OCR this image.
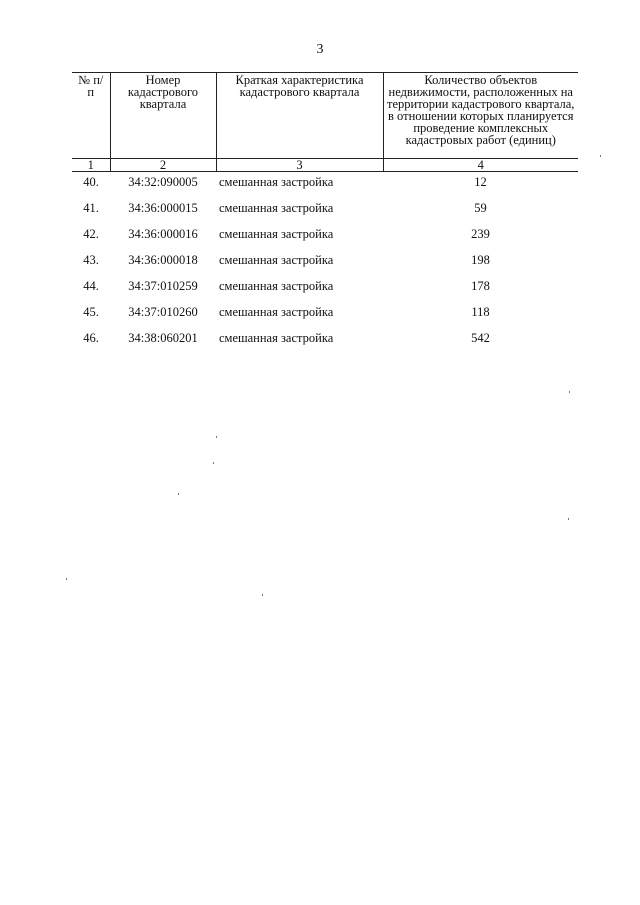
3
№ п/п	Номер кадастрового квартала	Краткая характеристика кадастрового квартала	Количество объектов недвижимости, расположенных на территории кадастрового квартала, в отношении которых планируется проведение комплексных кадастровых работ (единиц)
1	2	3	4
40.	34:32:090005	смешанная застройка	12
41.	34:36:000015	смешанная застройка	59
42.	34:36:000016	смешанная застройка	239
43.	34:36:000018	смешанная застройка	198
44.	34:37:010259	смешанная застройка	178
45.	34:37:010260	смешанная застройка	118
46.	34:38:060201	смешанная застройка	542
